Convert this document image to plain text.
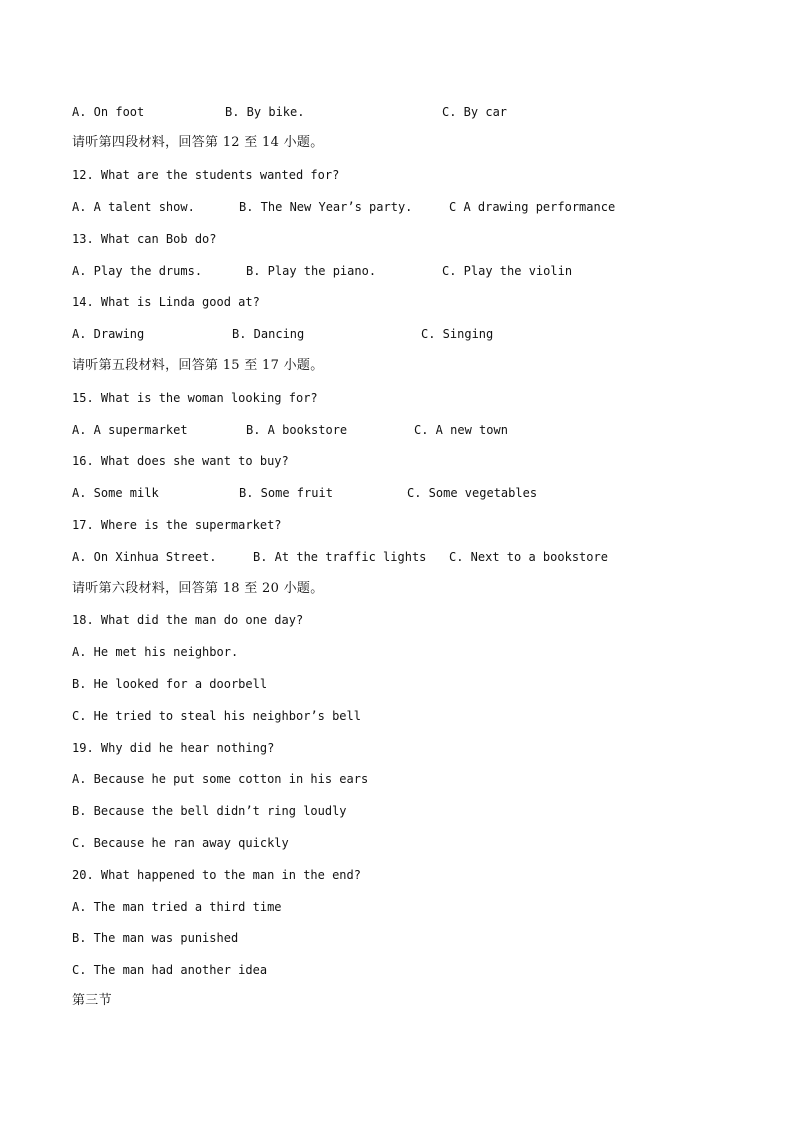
A. On foot

	B. By bike.

	C. By car

请听第四段材料，回答第 12 至 14 小题。
12. What are the students wanted for?

A. A talent show.

	B. The New Year’s party.

	C A drawing performance

13. What can Bob do?

A. Play the drums.

	B. Play the piano.

	C. Play the violin

14. What is Linda good at?

A. Drawing

	B. Dancing

	C. Singing

请听第五段材料，回答第 15 至 17 小题。
15. What is the woman looking for?

A. A supermarket

	B. A bookstore

	C. A new town

16. What does she want to buy?

A. Some milk

	B. Some fruit

	C. Some vegetables

17. Where is the supermarket?

A. On Xinhua Street.

	B. At the traffic lights

C. Next to a bookstore

请听第六段材料，回答第 18 至 20 小题。
18. What did the man do one day?
A. He met his neighbor.
B. He looked for a doorbell
C. He tried to steal his neighbor’s bell
19. Why did he hear nothing?
A. Because he put some cotton in his ears
B. Because the bell didn’t ring loudly
C. Because he ran away quickly
20. What happened to the man in the end?
A. The man tried a third time
B. The man was punished
C. The man had another idea
第三节
